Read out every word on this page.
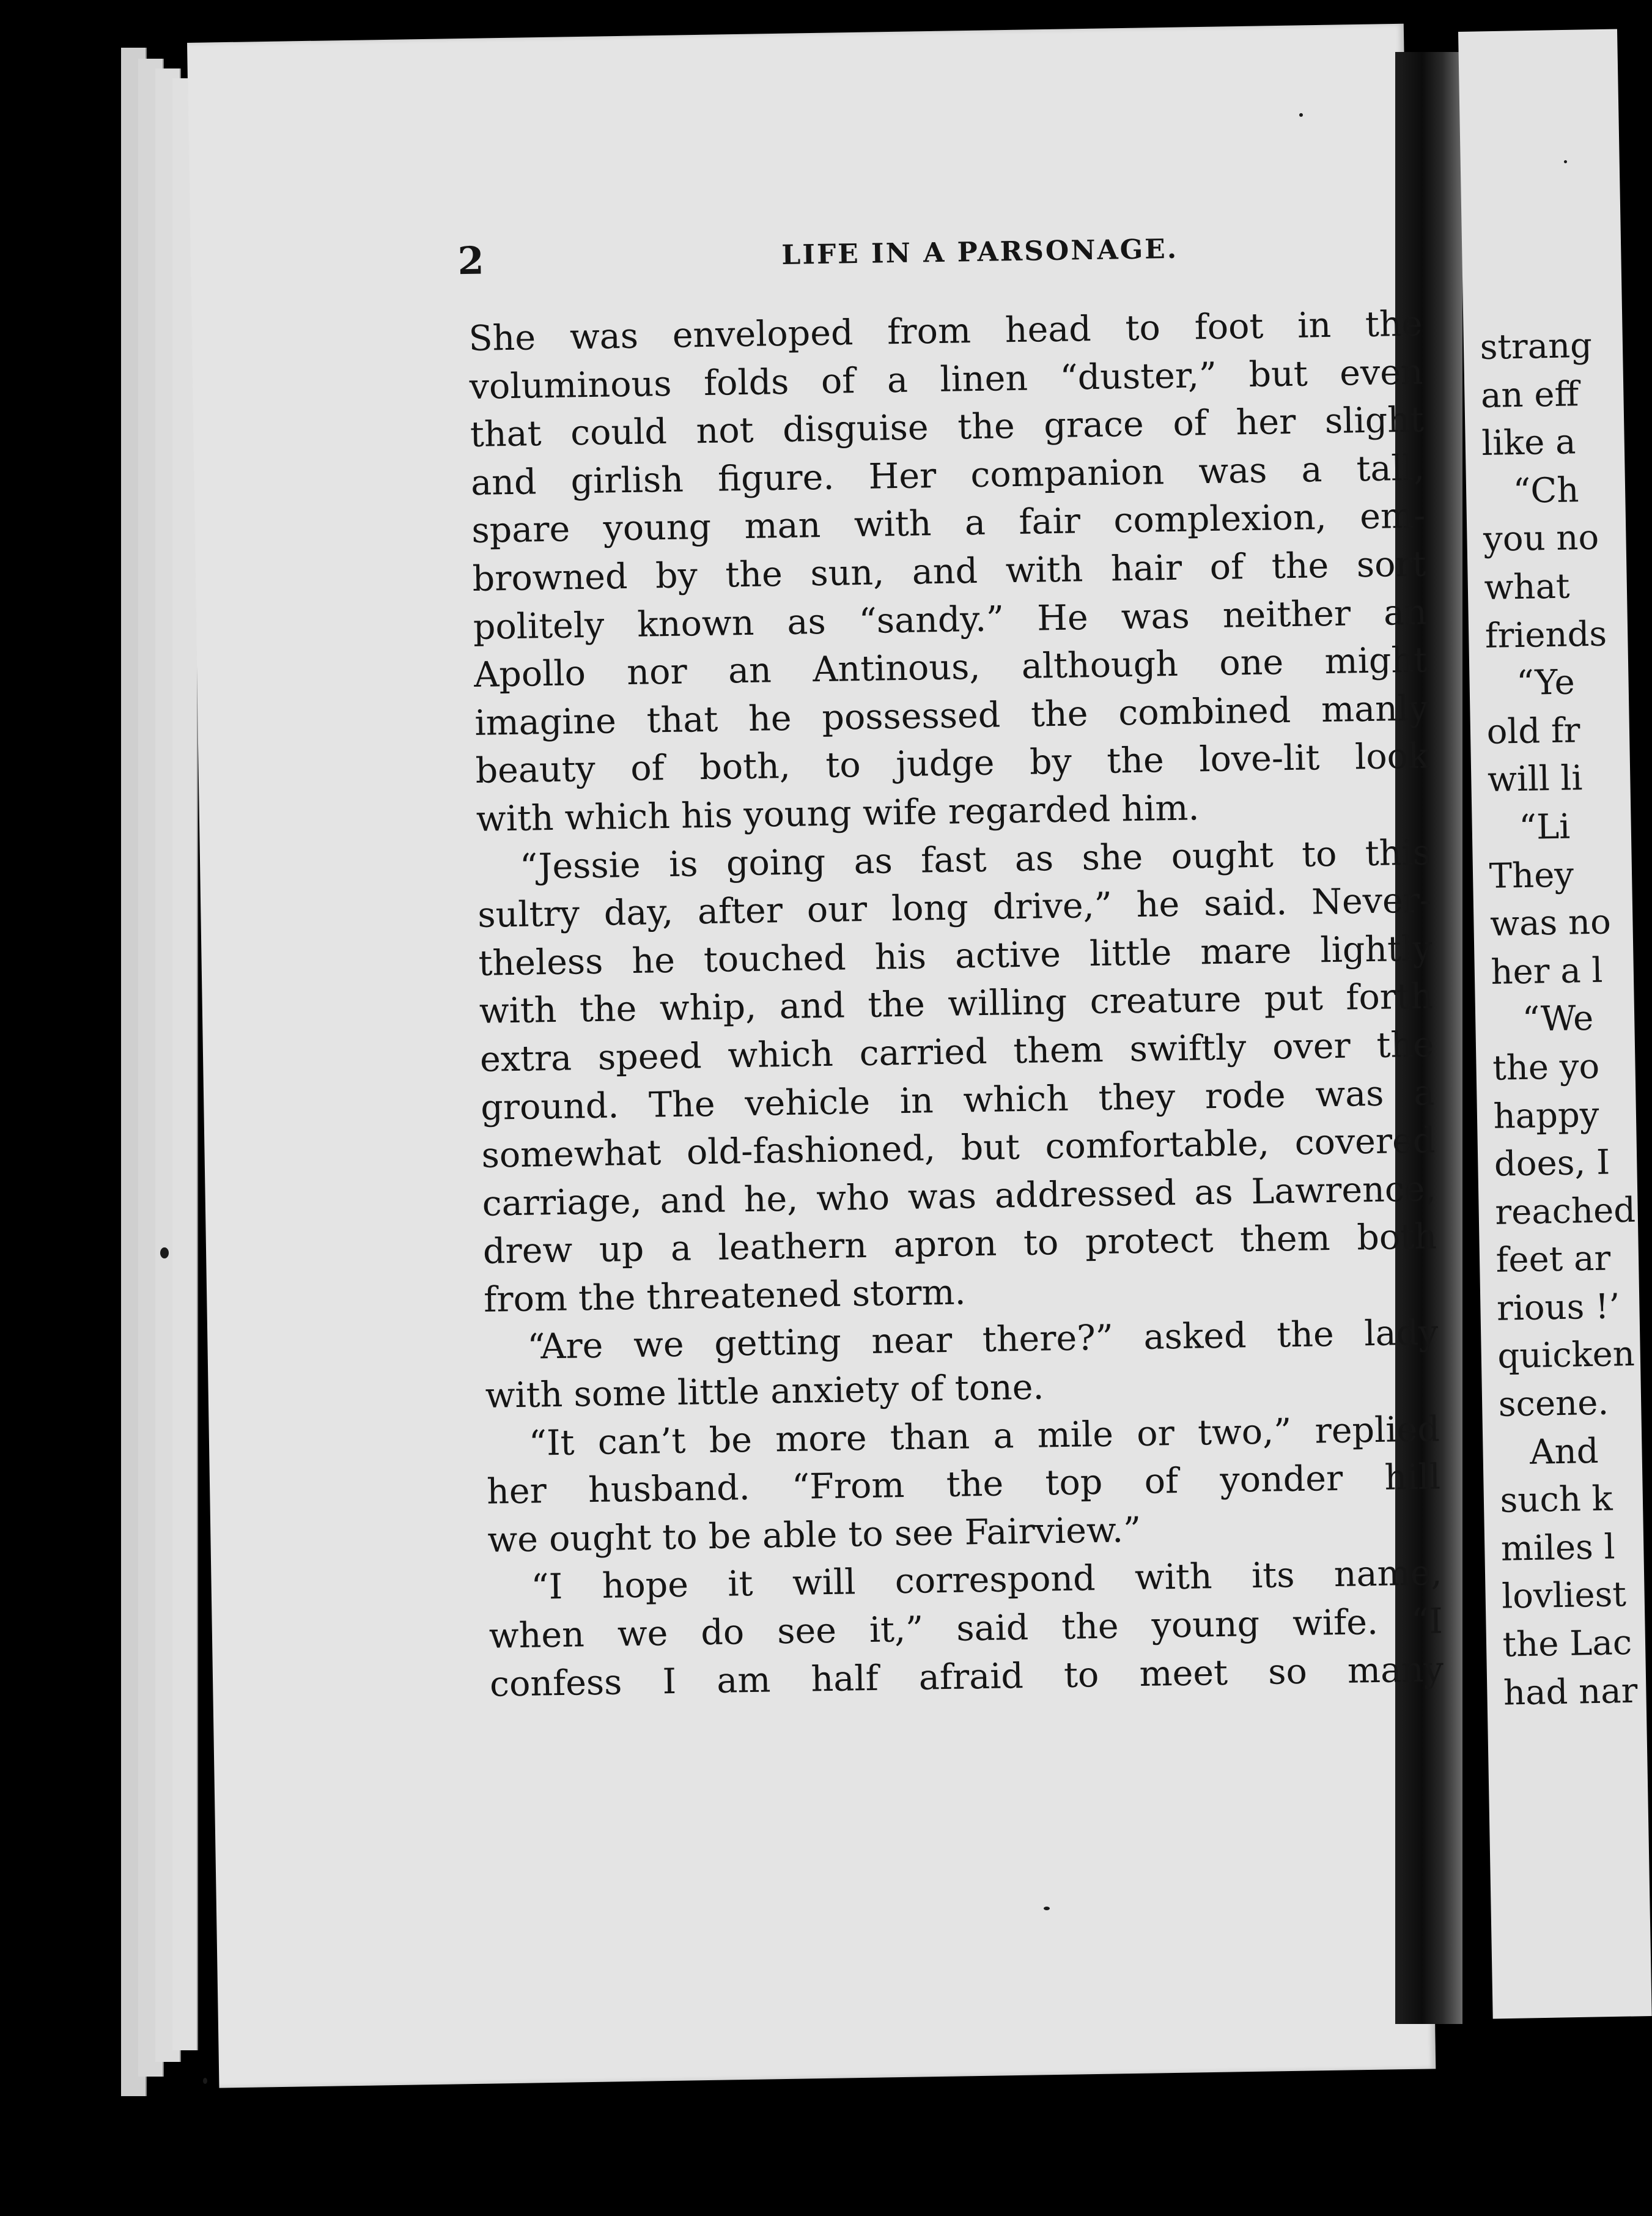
2	LIFE IN A PARSONAGE.
She was enveloped from head to foot in the
voluminous folds of a linen “duster,” but even
that could not disguise the grace of her slight
and girlish figure. Her companion was a tall,
spare young man with a fair complexion, em-
browned by the sun, and with hair of the sort
politely known as “sandy.” He was neither an
Apollo nor an Antinous, although one might
imagine that he possessed the combined manly
beauty of both, to judge by the love-lit look
with which his young wife regarded him.
“Jessie is going as fast as she ought to this
sultry day, after our long drive,” he said. Never-
theless he touched his active little mare lightly
with the whip, and the willing creature put forth
extra speed which carried them swiftly over the
ground. The vehicle in which they rode was a
somewhat old-fashioned, but comfortable, covered
carriage, and he, who was addressed as Lawrence,
drew up a leathern apron to protect them both
from the threatened storm.
“Are we getting near there?” asked the lady
with some little anxiety of tone.
“It can’t be more than a mile or two,” replied
her husband. “From the top of yonder hill
we ought to be able to see Fairview.”
“I hope it will correspond with its name,
when we do see it,” said the young wife. “I
confess I am half afraid to meet so many
strang
an eff
like a
“Ch
you no
what
friends
“Ye
old fr
will li
“Li
They
was no
her a l
“We
the yo
happy
does, I
reached
feet ar
rious !’
quicken
scene.
And
such k
miles l
lovliest
the Lac
had nar
